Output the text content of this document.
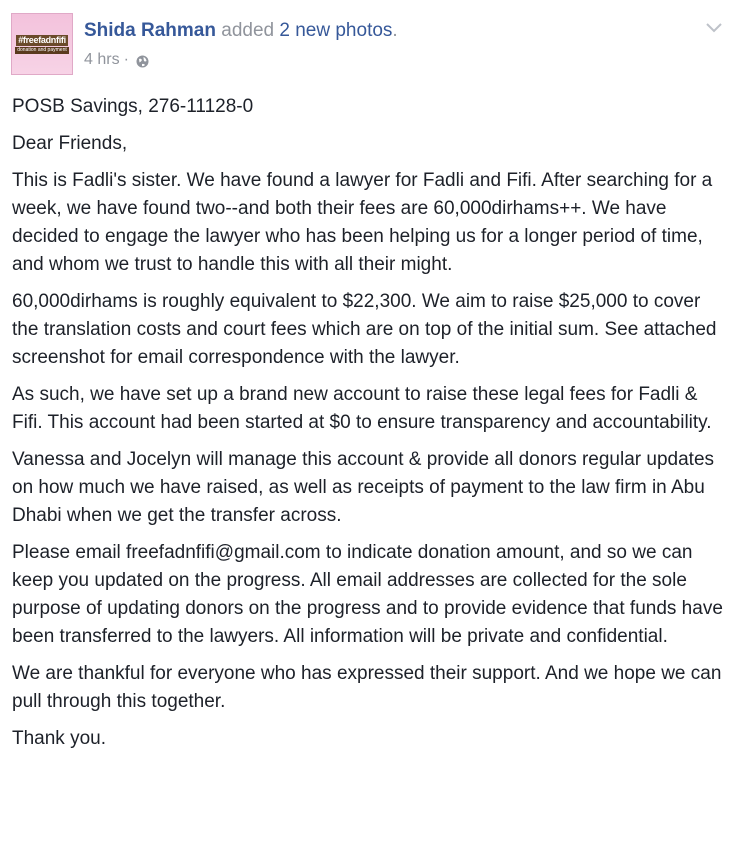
#freefadnfifi
donation and payment
Shida Rahman added 2 new photos.
4 hrs ·

POSB Savings, 276-11128-0

Dear Friends,

This is Fadli's sister. We have found a lawyer for Fadli and Fifi. After searching for a week, we have found two--and both their fees are 60,000dirhams++. We have decided to engage the lawyer who has been helping us for a longer period of time, and whom we trust to handle this with all their might.

60,000dirhams is roughly equivalent to $22,300. We aim to raise $25,000 to cover the translation costs and court fees which are on top of the initial sum. See attached screenshot for email correspondence with the lawyer.

As such, we have set up a brand new account to raise these legal fees for Fadli & Fifi. This account had been started at $0 to ensure transparency and accountability.

Vanessa and Jocelyn will manage this account & provide all donors regular updates on how much we have raised, as well as receipts of payment to the law firm in Abu Dhabi when we get the transfer across.

Please email freefadnfifi@gmail.com to indicate donation amount, and so we can keep you updated on the progress. All email addresses are collected for the sole purpose of updating donors on the progress and to provide evidence that funds have been transferred to the lawyers. All information will be private and confidential.

We are thankful for everyone who has expressed their support. And we hope we can pull through this together.

Thank you.
